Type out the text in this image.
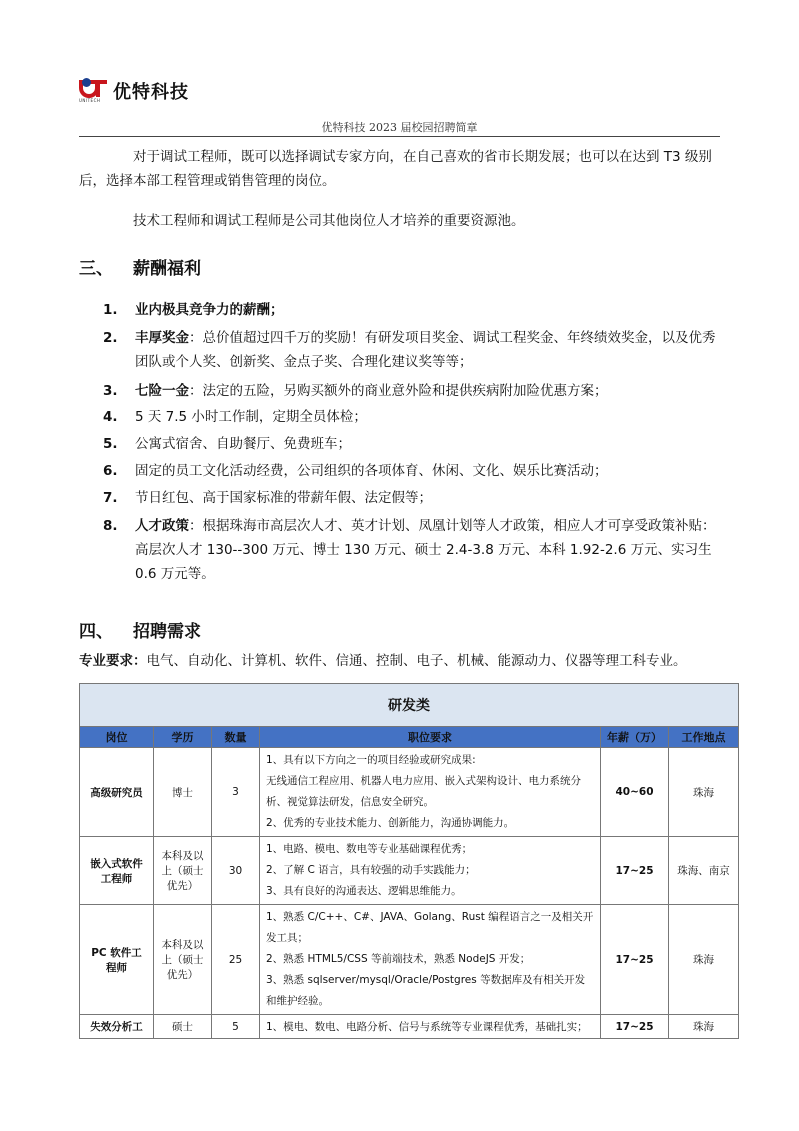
优特科技
UNITECH
优特科技 2023 届校园招聘简章
对于调试工程师，既可以选择调试专家方向，在自己喜欢的省市长期发展；也可以在达到 T3 级别后，选择本部工程管理或销售管理的岗位。
技术工程师和调试工程师是公司其他岗位人才培养的重要资源池。
三、 薪酬福利
1.	业内极具竞争力的薪酬；
2.	丰厚奖金：总价值超过四千万的奖励！有研发项目奖金、调试工程奖金、年终绩效奖金，以及优秀团队或个人奖、创新奖、金点子奖、合理化建议奖等等；
3.	七险一金：法定的五险，另购买额外的商业意外险和提供疾病附加险优惠方案；
4.	5 天 7.5 小时工作制，定期全员体检；
5.	公寓式宿舍、自助餐厅、免费班车；
6.	固定的员工文化活动经费，公司组织的各项体育、休闲、文化、娱乐比赛活动；
7.	节日红包、高于国家标准的带薪年假、法定假等；
8.	人才政策：根据珠海市高层次人才、英才计划、凤凰计划等人才政策，相应人才可享受政策补贴：高层次人才 130--300 万元、博士 130 万元、硕士 2.4-3.8 万元、本科 1.92-2.6 万元、实习生 0.6 万元等。
四、 招聘需求
专业要求：电气、自动化、计算机、软件、信通、控制、电子、机械、能源动力、仪器等理工科专业。
研发类					
岗位	学历	数量	职位要求	年薪（万）	工作地点
高级研究员	博士	3	1、具有以下方向之一的项目经验或研究成果:
无线通信工程应用、机器人电力应用、嵌入式架构设计、电力系统分析、视觉算法研发，信息安全研究。
2、优秀的专业技术能力、创新能力，沟通协调能力。	40~60	珠海
嵌入式软件工程师	本科及以上（硕士优先）	30	1、电路、模电、数电等专业基础课程优秀；
2、了解 C 语言，具有较强的动手实践能力；
3、具有良好的沟通表达、逻辑思维能力。	17~25	珠海、南京
PC 软件工程师	本科及以上（硕士优先）	25	1、熟悉 C/C++、C#、JAVA、Golang、Rust 编程语言之一及相关开发工具；
2、熟悉 HTML5/CSS 等前端技术，熟悉 NodeJS 开发；
3、熟悉 sqlserver/mysql/Oracle/Postgres 等数据库及有相关开发和维护经验。	17~25	珠海
失效分析工	硕士	5	1、模电、数电、电路分析、信号与系统等专业课程优秀，基础扎实；	17~25	珠海
